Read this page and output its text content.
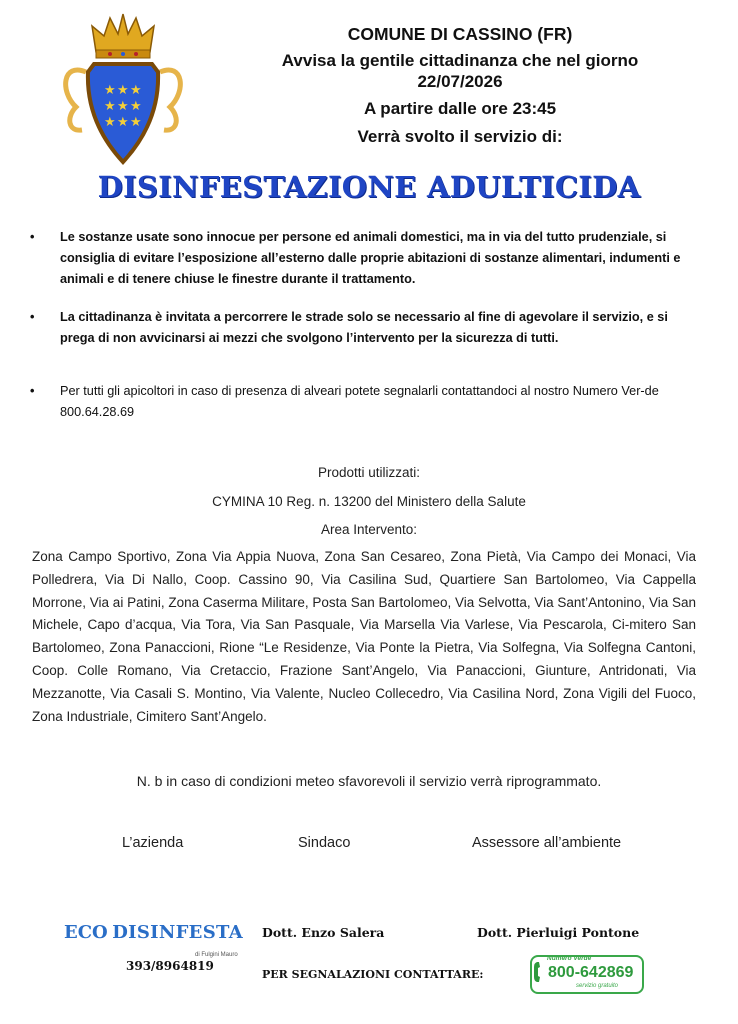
★ ★ ★
★ ★ ★
★ ★ ★
COMUNE DI CASSINO (FR)
Avvisa la gentile cittadinanza che nel giorno
22/07/2026
A partire dalle ore 23:45
Verrà svolto il servizio di:
DISINFESTAZIONE ADULTICIDA
• Le sostanze usate sono innocue per persone ed animali domestici, ma in via del tutto prudenziale, si consiglia di evitare l’esposizione all’esterno dalle proprie abitazioni di sostanze alimentari, indumenti e animali e di tenere chiuse le finestre durante il trattamento.
• La cittadinanza è invitata a percorrere le strade solo se necessario al fine di agevolare il servizio, e si prega di non avvicinarsi ai mezzi che svolgono l’intervento per la sicurezza di tutti.
• Per tutti gli apicoltori in caso di presenza di alveari potete segnalarli contattandoci al nostro Numero Ver-de 800.64.28.69
Prodotti utilizzati:
CYMINA 10 Reg. n. 13200 del Ministero della Salute
Area Intervento:
Zona Campo Sportivo, Zona Via Appia Nuova, Zona San Cesareo, Zona Pietà, Via Campo dei Monaci, Via Polledrera, Via Di Nallo, Coop. Cassino 90, Via Casilina Sud, Quartiere San Bartolomeo, Via Cappella Morrone, Via ai Patini, Zona Caserma Militare, Posta San Bartolomeo, Via Selvotta, Via Sant’Antonino, Via San Michele, Capo d’acqua, Via Tora, Via San Pasquale, Via Marsella Via Varlese, Via Pescarola, Ci-mitero San Bartolomeo, Zona Panaccioni, Rione “Le Residenze, Via Ponte la Pietra, Via Solfegna, Via Solfegna Cantoni, Coop. Colle Romano, Via Cretaccio, Frazione Sant’Angelo, Via Panaccioni, Giunture, Antridonati, Via Mezzanotte, Via Casali S. Montino, Via Valente, Nucleo Collecedro, Via Casilina Nord, Zona Vigili del Fuoco, Zona Industriale, Cimitero Sant’Angelo.
N. b in caso di condizioni meteo sfavorevoli il servizio verrà riprogrammato.
L’azienda	Sindaco	Assessore all’ambiente
ECO DISINFESTA
di Fulgini Mauro
393/8964819
Dott. Enzo Salera	Dott. Pierluigi Pontone
PER SEGNALAZIONI CONTATTARE:
Numero Verde
800-642869
servizio gratuito
